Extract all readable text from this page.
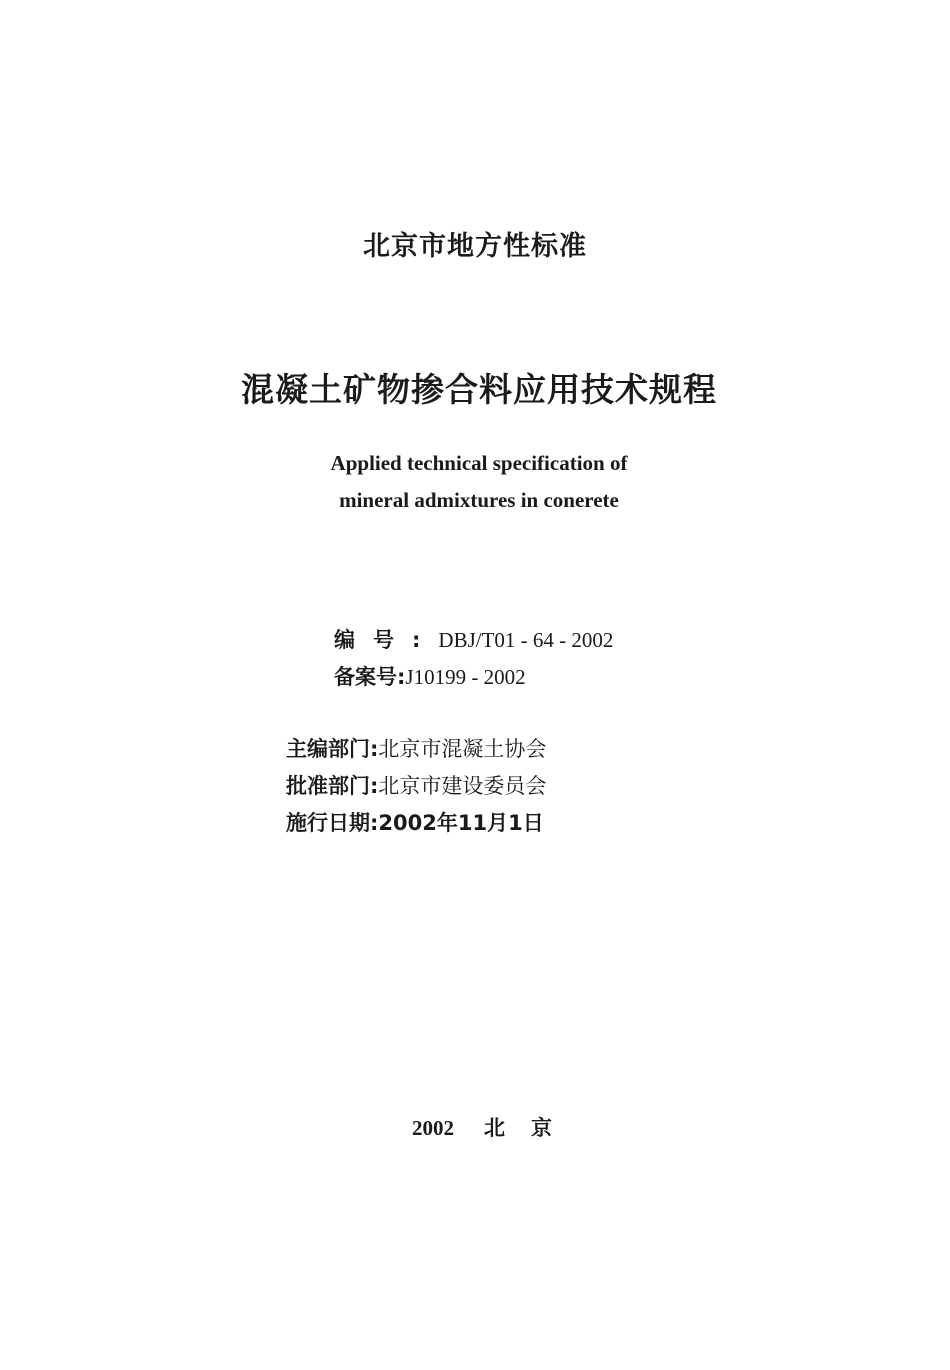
北京市地方性标准
混凝土矿物掺合料应用技术规程
Applied technical specification of
mineral admixtures in conerete
编号:DBJ/T01 - 64 - 2002
备案号:J10199 - 2002
主编部门:北京市混凝土协会
批准部门:北京市建设委员会
施行日期:2002年11月1日
2002 北京
